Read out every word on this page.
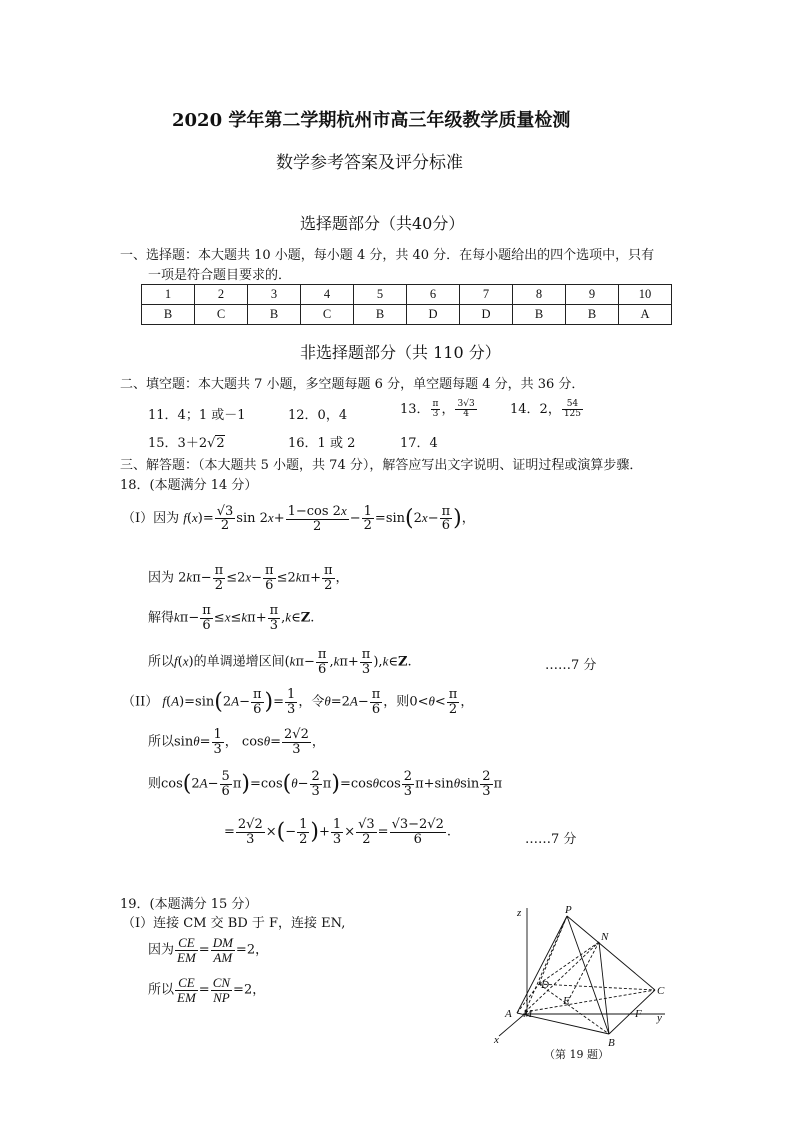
2020 学年第二学期杭州市高三年级教学质量检测
数学参考答案及评分标准
选择题部分（共40分）
一、选择题：本大题共 10 小题，每小题 4 分，共 40 分．在每小题给出的四个选项中，只有
一项是符合题目要求的．
1	2	3	4	5	6	7	8	9	10
B	C	B	C	B	D	D	B	B	A
非选择题部分（共 110 分）
二、填空题：本大题共 7 小题，多空题每题 6 分，单空题每题 4 分，共 36 分．
11．4；1 或－1	12．0，4	13． $\frac{\pi}{3}$ ， $\frac{3√3}{4}$	14．2， $\frac{54}{125}$
15．3＋2√2	16．1 或 2	17．4
三、解答题：（本大题共 5 小题，共 74 分），解答应写出文字说明、证明过程或演算步骤．
18．(本题满分 14 分）
（I）因为 $f(x)= \frac{√3}{2}$ $\sin 2x+ \frac{1-\cos 2x}{2} - \frac{1}{2} =\sin(2x- \frac{\pi}{6}$ )，
因为 $2k\pi- \frac{\pi}{2} \le 2x- \frac{\pi}{6} \le 2k\pi+ \frac{\pi}{2}$ ，
解得$k\pi- \frac{\pi}{6} \le x\le k\pi+ \frac{\pi}{3}$ ,k∈Z.
所以f(x)的单调递增区间($k\pi- \frac{\pi}{6} ,k\pi+ \frac{\pi}{3}$ ),k∈Z.	……7 分
（II） $f(A)=\sin(2A- \frac{\pi}{6}$ )= $\frac{1}{3}$ ，令$\theta=2A- \frac{\pi}{6}$ ，则$0<\theta< \frac{\pi}{2}$ ，
所以$\sin\theta= \frac{1}{3}$ ， $\cos\theta= \frac{2√2}{3}$ ，
则$\cos(2A- \frac{5}{6} \pi)=\cos(\theta- \frac{2}{3} \pi)=\cos\theta\cos \frac{2}{3} \pi+\sin\theta\sin \frac{2}{3}$ π
= $\frac{2√2}{3}$ ×(− $\frac{1}{2}$ )+ $\frac{1}{3} \times \frac{√3}{2} = \frac{√3-2√2}{6}$ .	……7 分
19．(本题满分 15 分）
（I）连接 CM 交 BD 于 F，连接 EN,
因为 $\frac{CE}{EM} = \frac{DM}{AM} =2$，
所以 $\frac{CE}{EM} = \frac{CN}{NP} =2$，
z	P
N
D
E
C
A M	F y
B
x
（第 19 题）
